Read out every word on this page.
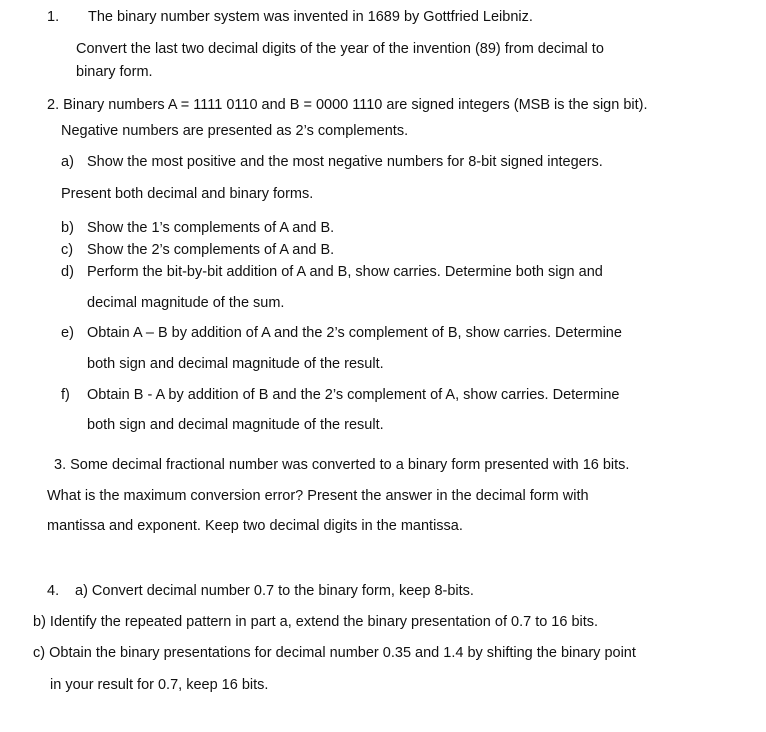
1. The binary number system was invented in 1689 by Gottfried Leibniz.
Convert the last two decimal digits of the year of the invention (89) from decimal to
binary form.
2. Binary numbers A = 1111 0110 and B = 0000 1110 are signed integers (MSB is the sign bit).
Negative numbers are presented as 2’s complements.
a) Show the most positive and the most negative numbers for 8-bit signed integers.
Present both decimal and binary forms.
b) Show the 1’s complements of A and B.
c) Show the 2’s complements of A and B.
d) Perform the bit-by-bit addition of A and B, show carries. Determine both sign and
decimal magnitude of the sum.
e) Obtain A – B by addition of A and the 2’s complement of B, show carries. Determine
both sign and decimal magnitude of the result.
f) Obtain B - A by addition of B and the 2’s complement of A, show carries. Determine
both sign and decimal magnitude of the result.
3. Some decimal fractional number was converted to a binary form presented with 16 bits.
What is the maximum conversion error? Present the answer in the decimal form with
mantissa and exponent. Keep two decimal digits in the mantissa.
4. a) Convert decimal number 0.7 to the binary form, keep 8-bits.
b) Identify the repeated pattern in part a, extend the binary presentation of 0.7 to 16 bits.
c) Obtain the binary presentations for decimal number 0.35 and 1.4 by shifting the binary point
in your result for 0.7, keep 16 bits.
